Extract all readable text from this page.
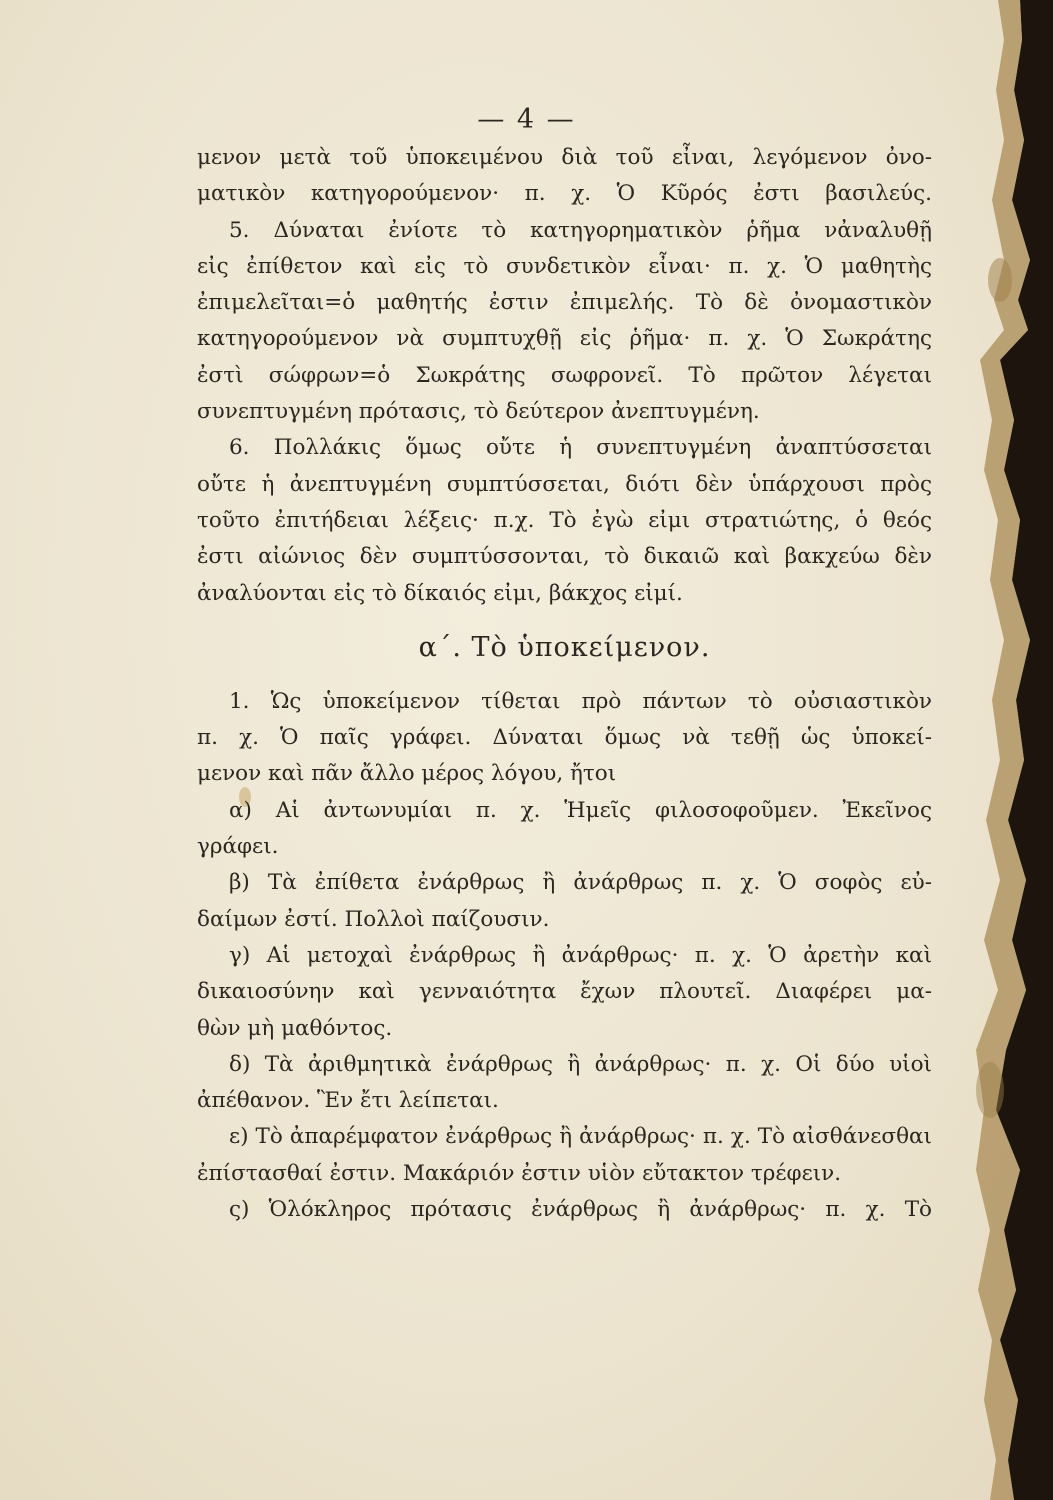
— 4 —
μενον μετὰ τοῦ ὑποκειμένου διὰ τοῦ εἶναι, λεγόμενον ὀνο-
ματικὸν κατηγορούμενον· π. χ. Ὁ Κῦρός ἐστι βασιλεύς.
5. Δύναται ἐνίοτε τὸ κατηγορηματικὸν ῥῆμα νἀναλυθῇ
εἰς ἐπίθετον καὶ εἰς τὸ συνδετικὸν εἶναι· π. χ. Ὁ μαθητὴς
ἐπιμελεῖται=ὁ μαθητής ἐστιν ἐπιμελής. Τὸ δὲ ὀνομαστικὸν
κατηγορούμενον νὰ συμπτυχθῇ εἰς ῥῆμα· π. χ. Ὁ Σωκράτης
ἐστὶ σώφρων=ὁ Σωκράτης σωφρονεῖ. Τὸ πρῶτον λέγεται
συνεπτυγμένη πρότασις, τὸ δεύτερον ἀνεπτυγμένη.
6. Πολλάκις ὅμως οὔτε ἡ συνεπτυγμένη ἀναπτύσσεται
οὔτε ἡ ἀνεπτυγμένη συμπτύσσεται, διότι δὲν ὑπάρχουσι πρὸς
τοῦτο ἐπιτήδειαι λέξεις· π.χ. Τὸ ἐγὼ εἰμι στρατιώτης, ὁ θεός
ἐστι αἰώνιος δὲν συμπτύσσονται, τὸ δικαιῶ καὶ βακχεύω δὲν
ἀναλύονται εἰς τὸ δίκαιός εἰμι, βάκχος εἰμί.
α΄. Τὸ ὑποκείμενον.
1. Ὡς ὑποκείμενον τίθεται πρὸ πάντων τὸ οὐσιαστικὸν
π. χ. Ὁ παῖς γράφει. Δύναται ὅμως νὰ τεθῇ ὡς ὑποκεί-
μενον καὶ πᾶν ἄλλο μέρος λόγου, ἤτοι
α) Αἱ ἀντωνυμίαι π. χ. Ἡμεῖς φιλοσοφοῦμεν. Ἐκεῖνος
γράφει.
β) Τὰ ἐπίθετα ἐνάρθρως ἢ ἀνάρθρως π. χ. Ὁ σοφὸς εὐ-
δαίμων ἐστί. Πολλοὶ παίζουσιν.
γ) Αἱ μετοχαὶ ἐνάρθρως ἢ ἀνάρθρως· π. χ. Ὁ ἀρετὴν καὶ
δικαιοσύνην καὶ γενναιότητα ἔχων πλουτεῖ. Διαφέρει μα-
θὼν μὴ μαθόντος.
δ) Τὰ ἀριθμητικὰ ἐνάρθρως ἢ ἀνάρθρως· π. χ. Οἱ δύο υἱοὶ
ἀπέθανον. Ἓν ἔτι λείπεται.
ε) Τὸ ἀπαρέμφατον ἐνάρθρως ἢ ἀνάρθρως· π. χ. Τὸ αἰσθάνεσθαι
ἐπίστασθαί ἐστιν. Μακάριόν ἐστιν υἱὸν εὔτακτον τρέφειν.
ς) Ὁλόκληρος πρότασις ἐνάρθρως ἢ ἀνάρθρως· π. χ. Τὸ
